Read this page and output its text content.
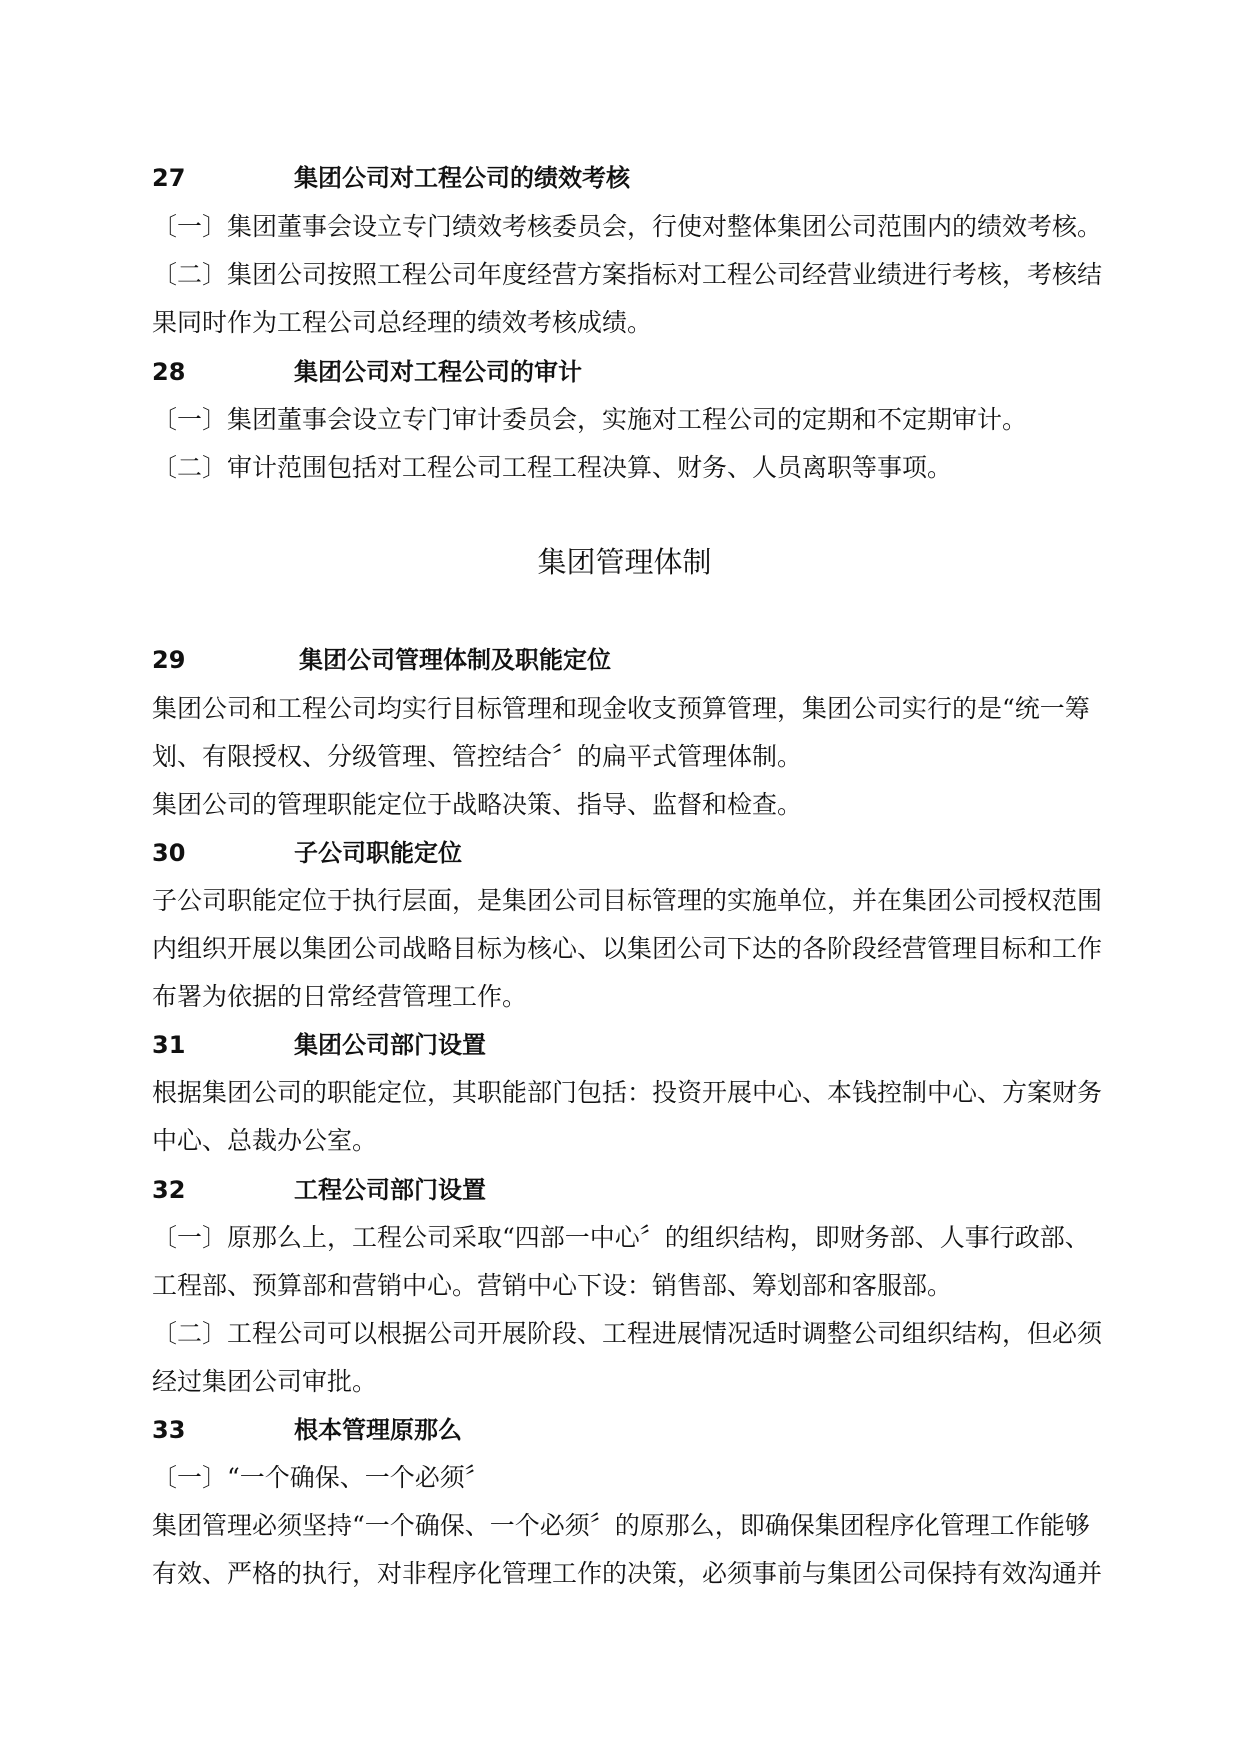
27	集团公司对工程公司的绩效考核
〔一〕集团董事会设立专门绩效考核委员会，行使对整体集团公司范围内的绩效考核。
〔二〕集团公司按照工程公司年度经营方案指标对工程公司经营业绩进行考核，考核结
果同时作为工程公司总经理的绩效考核成绩。
28	集团公司对工程公司的审计
〔一〕集团董事会设立专门审计委员会，实施对工程公司的定期和不定期审计。
〔二〕审计范围包括对工程公司工程工程决算、财务、人员离职等事项。
集团管理体制
29	集团公司管理体制及职能定位
集团公司和工程公司均实行目标管理和现金收支预算管理，集团公司实行的是“统一筹
划、有限授权、分级管理、管控结合〞的扁平式管理体制。
集团公司的管理职能定位于战略决策、指导、监督和检查。
30	子公司职能定位
子公司职能定位于执行层面，是集团公司目标管理的实施单位，并在集团公司授权范围
内组织开展以集团公司战略目标为核心、以集团公司下达的各阶段经营管理目标和工作
布署为依据的日常经营管理工作。
31	集团公司部门设置
根据集团公司的职能定位，其职能部门包括：投资开展中心、本钱控制中心、方案财务
中心、总裁办公室。
32	工程公司部门设置
〔一〕原那么上，工程公司采取“四部一中心〞的组织结构，即财务部、人事行政部、
工程部、预算部和营销中心。营销中心下设：销售部、筹划部和客服部。
〔二〕工程公司可以根据公司开展阶段、工程进展情况适时调整公司组织结构，但必须
经过集团公司审批。
33	根本管理原那么
〔一〕“一个确保、一个必须〞
集团管理必须坚持“一个确保、一个必须〞的原那么，即确保集团程序化管理工作能够
有效、严格的执行，对非程序化管理工作的决策，必须事前与集团公司保持有效沟通并
